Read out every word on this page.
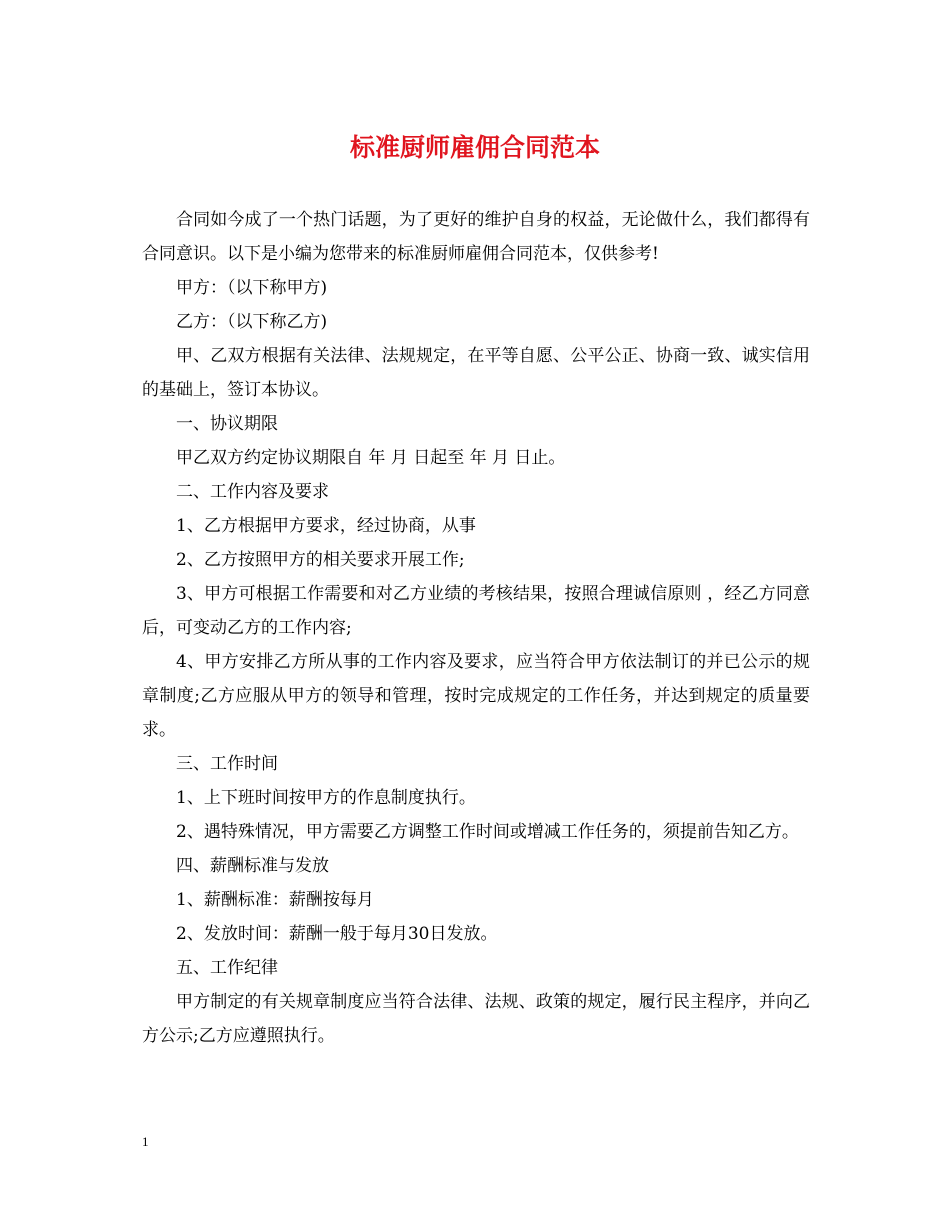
标准厨师雇佣合同范本

合同如今成了一个热门话题，为了更好的维护自身的权益，无论做什么，我们都得有合同意识。以下是小编为您带来的标准厨师雇佣合同范本，仅供参考!

甲方：（以下称甲方)

乙方：（以下称乙方)

甲、乙双方根据有关法律、法规规定，在平等自愿、公平公正、协商一致、诚实信用的基础上，签订本协议。

一、协议期限

甲乙双方约定协议期限自 年 月 日起至 年 月 日止。

二、工作内容及要求

1、乙方根据甲方要求，经过协商，从事

2、乙方按照甲方的相关要求开展工作;

3、甲方可根据工作需要和对乙方业绩的考核结果，按照合理诚信原则 ，经乙方同意后，可变动乙方的工作内容;

4、甲方安排乙方所从事的工作内容及要求，应当符合甲方依法制订的并已公示的规章制度;乙方应服从甲方的领导和管理，按时完成规定的工作任务，并达到规定的质量要求。

三、工作时间

1、上下班时间按甲方的作息制度执行。

2、遇特殊情况，甲方需要乙方调整工作时间或增减工作任务的，须提前告知乙方。

四、薪酬标准与发放

1、薪酬标准：薪酬按每月

2、发放时间：薪酬一般于每月30日发放。

五、工作纪律

甲方制定的有关规章制度应当符合法律、法规、政策的规定，履行民主程序，并向乙方公示;乙方应遵照执行。

1
